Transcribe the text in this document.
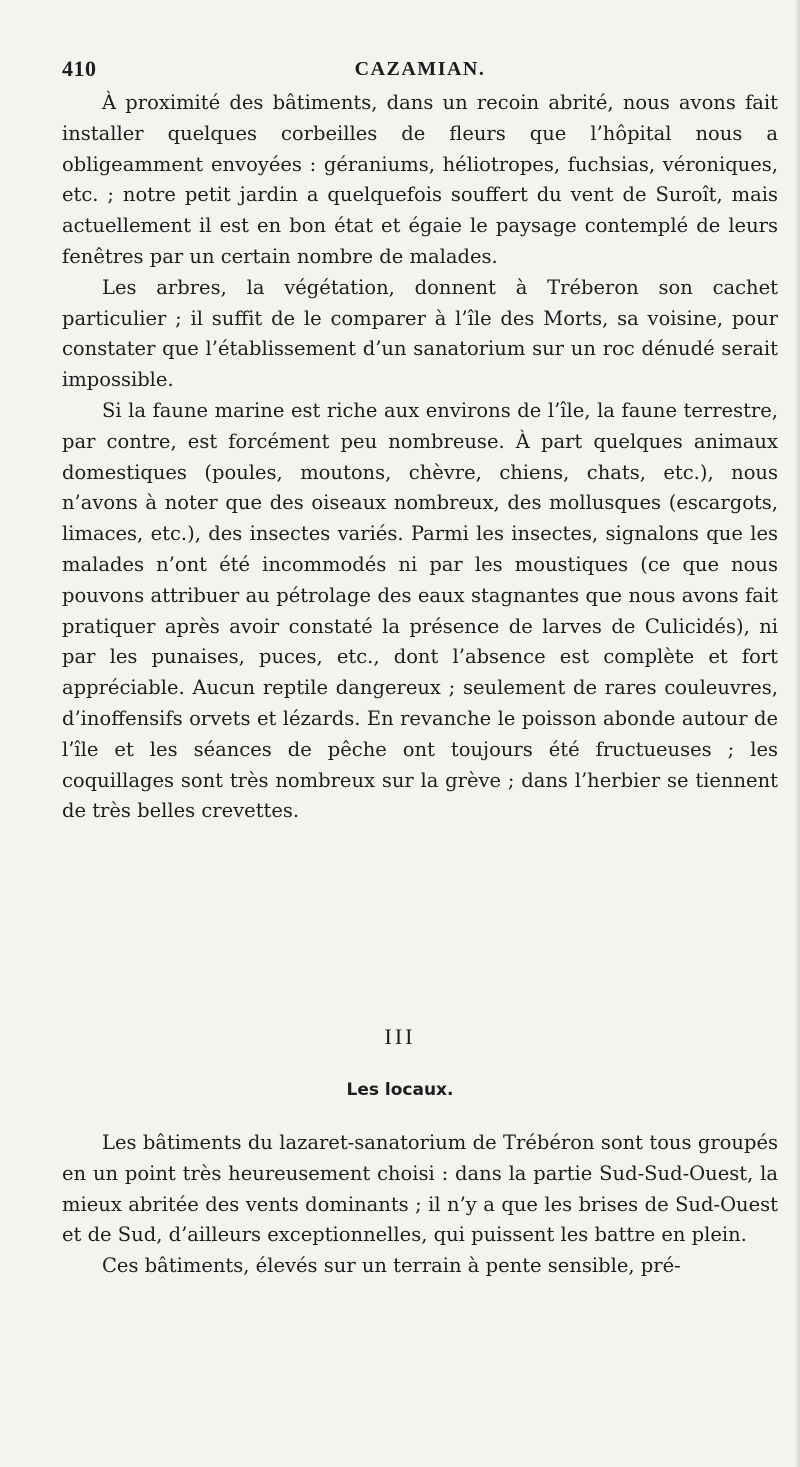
410	CAZAMIAN.

À proximité des bâtiments, dans un recoin abrité, nous avons fait installer quelques corbeilles de fleurs que l’hôpital nous a obligeamment envoyées : géraniums, héliotropes, fuchsias, véroniques, etc. ; notre petit jardin a quelquefois souffert du vent de Suroît, mais actuellement il est en bon état et égaie le paysage contemplé de leurs fenêtres par un certain nombre de malades.

Les arbres, la végétation, donnent à Tréberon son cachet particulier ; il suffit de le comparer à l’île des Morts, sa voisine, pour constater que l’établissement d’un sanatorium sur un roc dénudé serait impossible.

Si la faune marine est riche aux environs de l’île, la faune terrestre, par contre, est forcément peu nombreuse. À part quelques animaux domestiques (poules, moutons, chèvre, chiens, chats, etc.), nous n’avons à noter que des oiseaux nombreux, des mollusques (escargots, limaces, etc.), des insectes variés. Parmi les insectes, signalons que les malades n’ont été incommodés ni par les moustiques (ce que nous pouvons attribuer au pétrolage des eaux stagnantes que nous avons fait pratiquer après avoir constaté la présence de larves de Culicidés), ni par les punaises, puces, etc., dont l’absence est complète et fort appréciable. Aucun reptile dangereux ; seulement de rares couleuvres, d’inoffensifs orvets et lézards. En revanche le poisson abonde autour de l’île et les séances de pêche ont toujours été fructueuses ; les coquillages sont très nombreux sur la grève ; dans l’herbier se tiennent de très belles crevettes.

III
Les locaux.

Les bâtiments du lazaret-sanatorium de Trébéron sont tous groupés en un point très heureusement choisi : dans la partie Sud-Sud-Ouest, la mieux abritée des vents dominants ; il n’y a que les brises de Sud-Ouest et de Sud, d’ailleurs exceptionnelles, qui puissent les battre en plein.

Ces bâtiments, élevés sur un terrain à pente sensible, pré-
